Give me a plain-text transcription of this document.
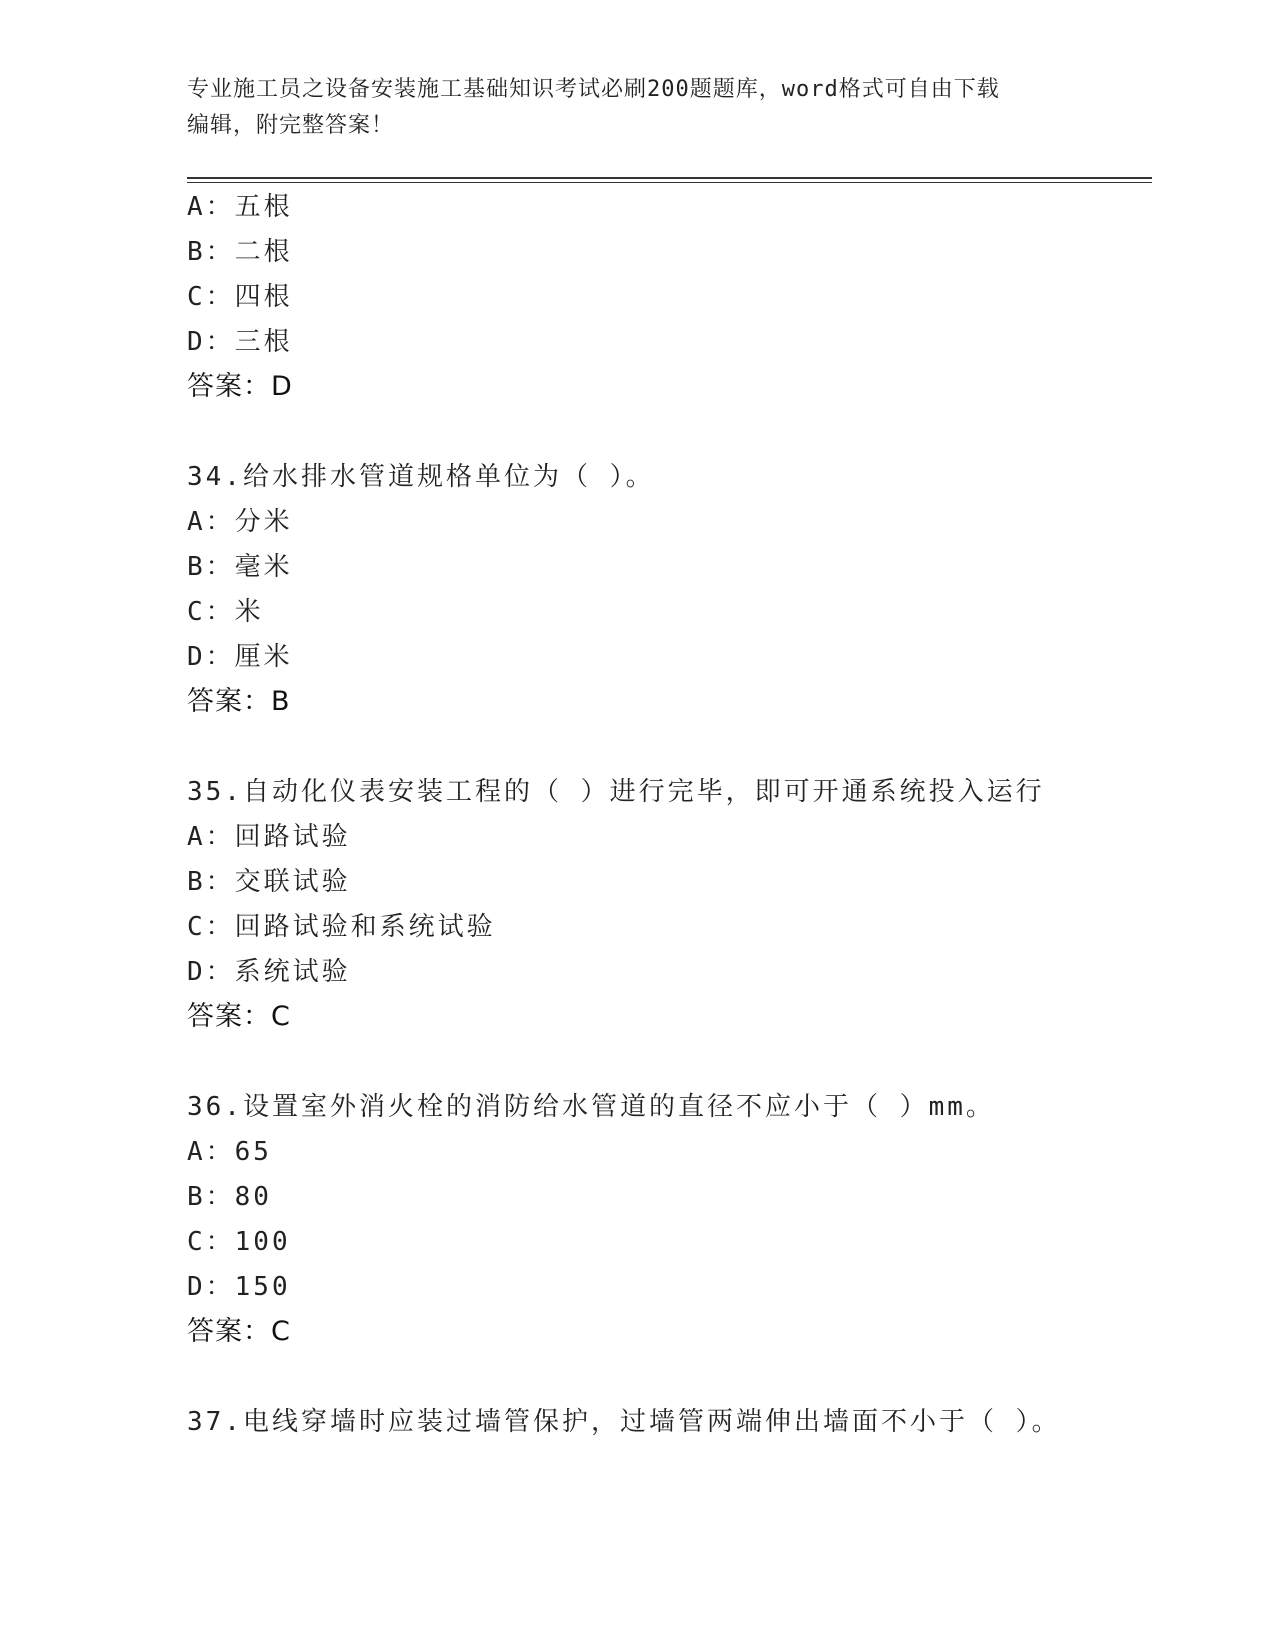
专业施工员之设备安装施工基础知识考试必刷200题题库，word格式可自由下载
编辑，附完整答案！
A：五根
B：二根
C：四根
D：三根
答案：D
34.给水排水管道规格单位为（ ）。
A：分米
B：毫米
C：米
D：厘米
答案：B
35.自动化仪表安装工程的（ ）进行完毕，即可开通系统投入运行
A：回路试验
B：交联试验
C：回路试验和系统试验
D：系统试验
答案：C
36.设置室外消火栓的消防给水管道的直径不应小于（ ）mm。
A：65
B：80
C：100
D：150
答案：C
37.电线穿墙时应装过墙管保护，过墙管两端伸出墙面不小于（ ）。
